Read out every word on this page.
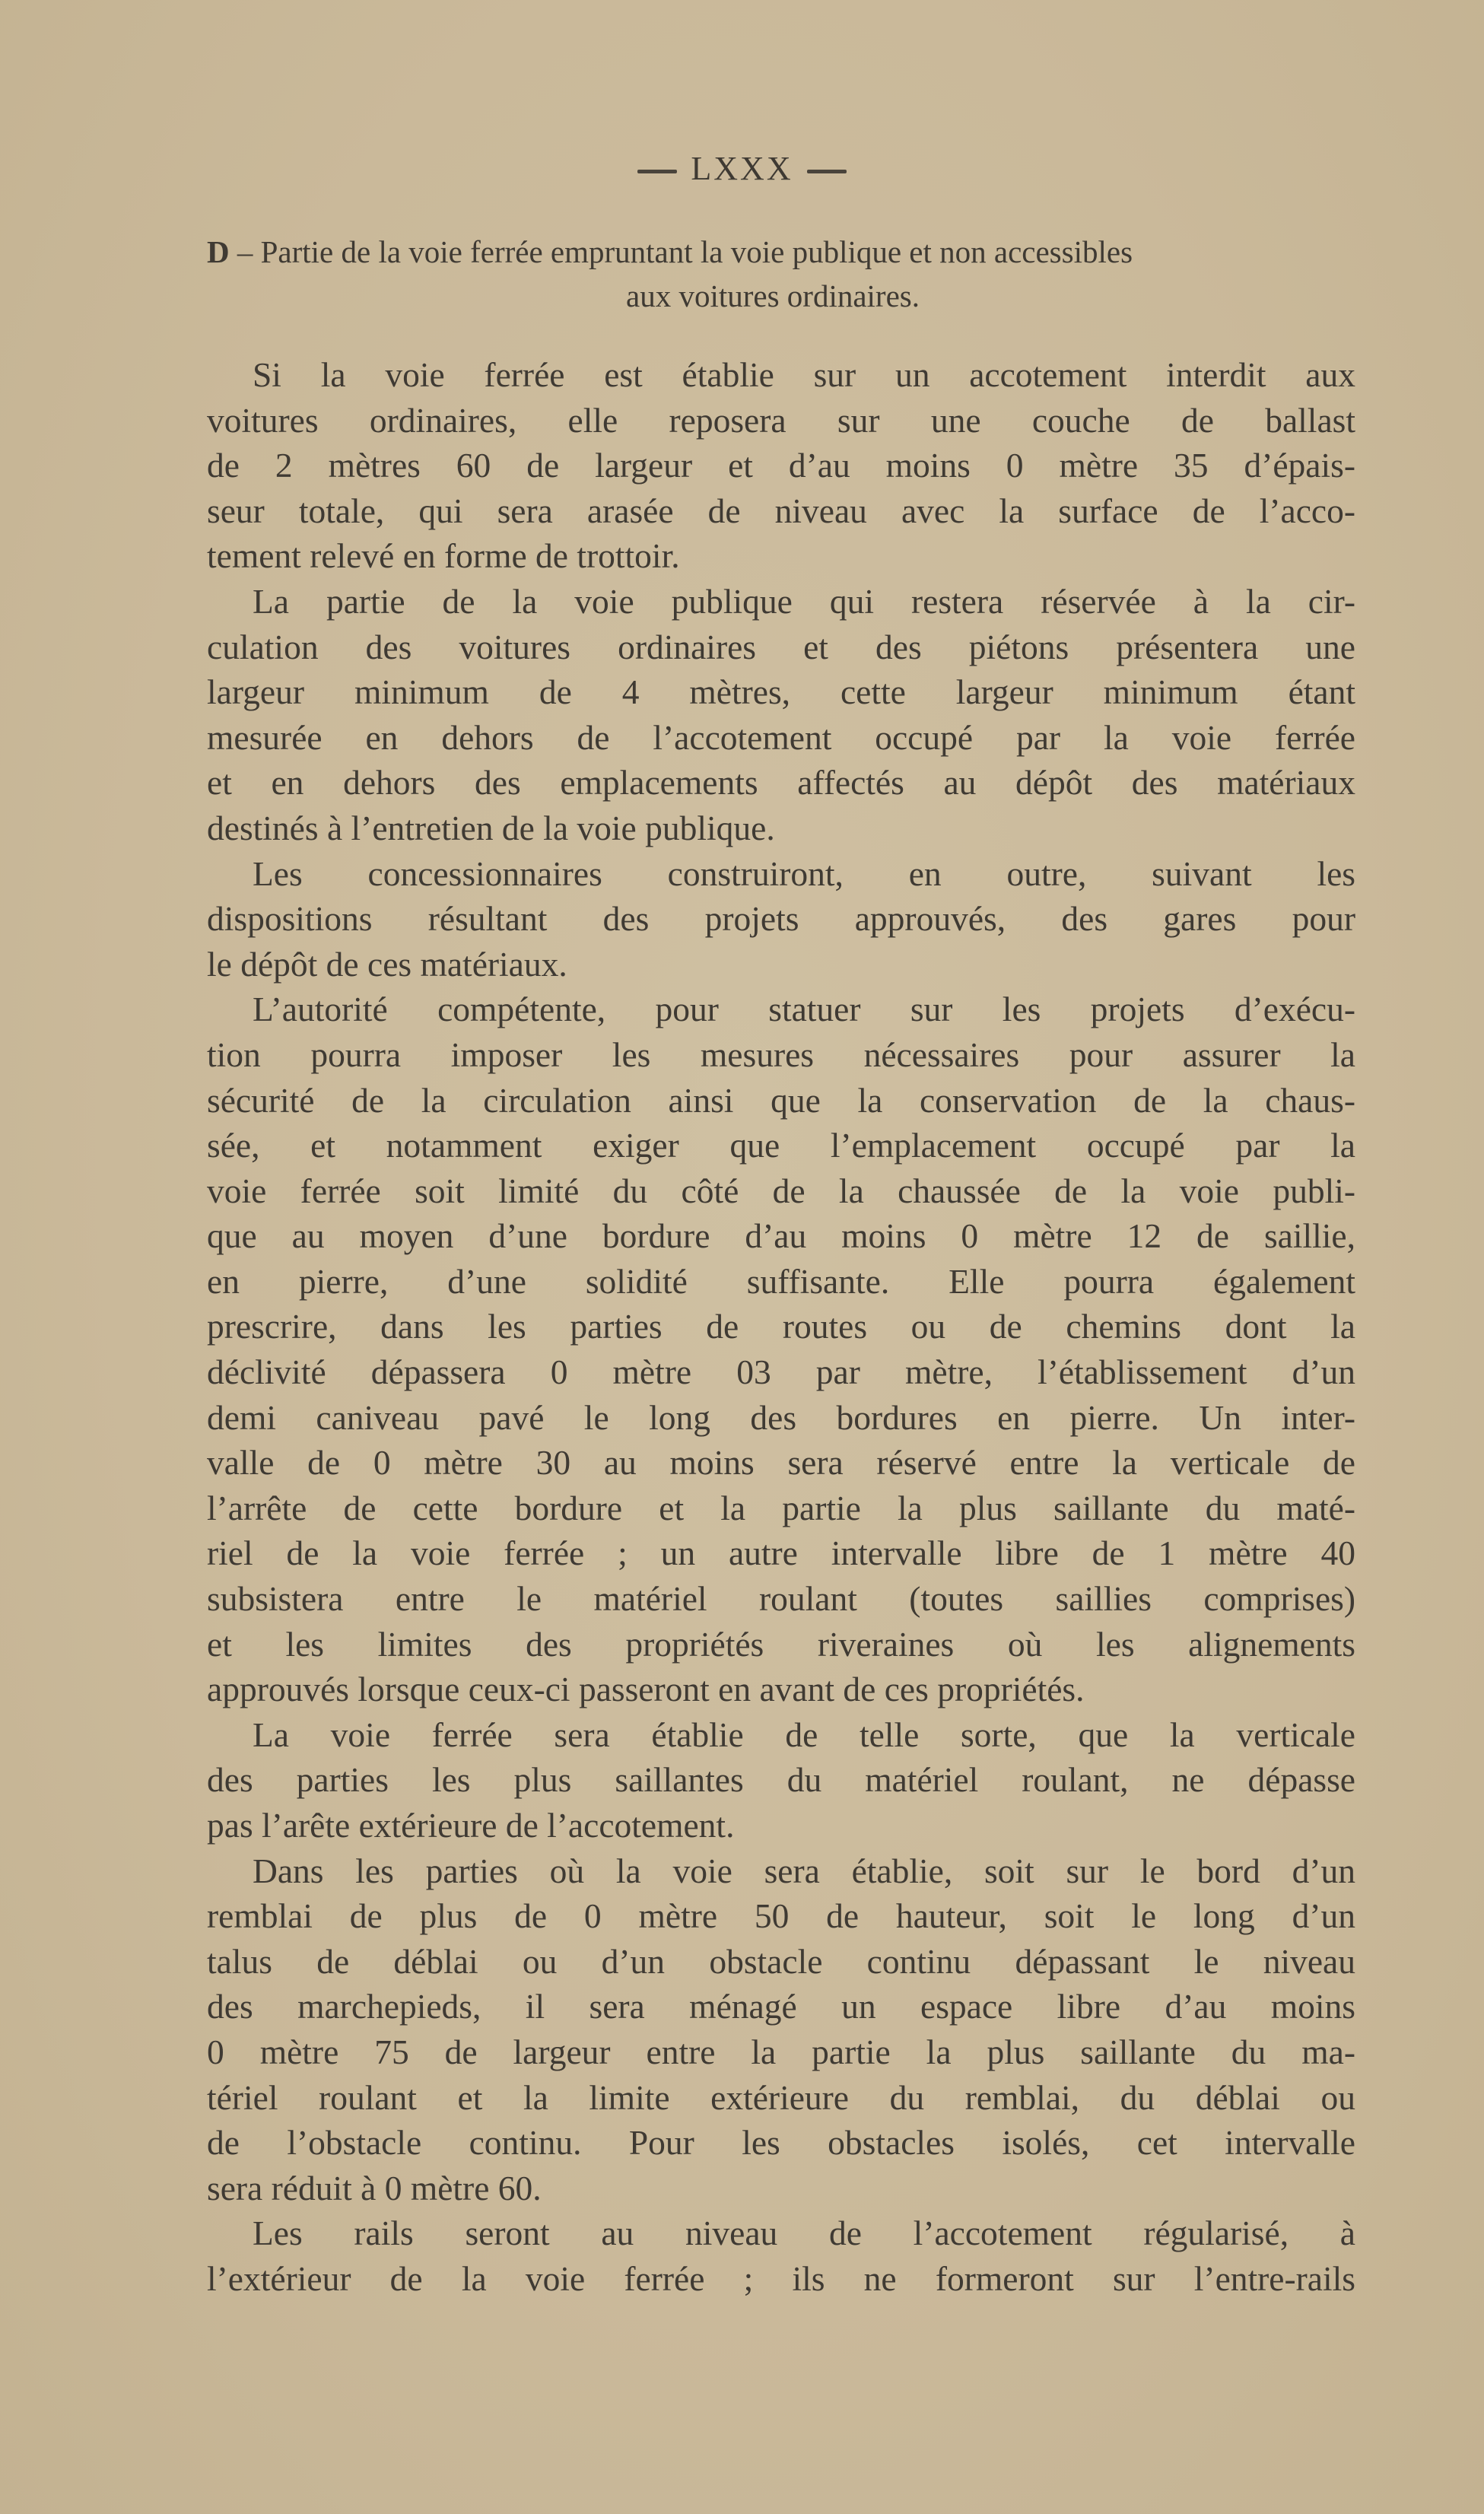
LXXX
D – Partie de la voie ferrée empruntant la voie publique et non accessibles
aux voitures ordinaires.
Si la voie ferrée est établie sur un accotement interdit aux
voitures ordinaires, elle reposera sur une couche de ballast
de 2 mètres 60 de largeur et d’au moins 0 mètre 35 d’épais-
seur totale, qui sera arasée de niveau avec la surface de l’acco-
tement relevé en forme de trottoir.
La partie de la voie publique qui restera réservée à la cir-
culation des voitures ordinaires et des piétons présentera une
largeur minimum de 4 mètres, cette largeur minimum étant
mesurée en dehors de l’accotement occupé par la voie ferrée
et en dehors des emplacements affectés au dépôt des matériaux
destinés à l’entretien de la voie publique.
Les concessionnaires construiront, en outre, suivant les
dispositions résultant des projets approuvés, des gares pour
le dépôt de ces matériaux.
L’autorité compétente, pour statuer sur les projets d’exécu-
tion pourra imposer les mesures nécessaires pour assurer la
sécurité de la circulation ainsi que la conservation de la chaus-
sée, et notamment exiger que l’emplacement occupé par la
voie ferrée soit limité du côté de la chaussée de la voie publi-
que au moyen d’une bordure d’au moins 0 mètre 12 de saillie,
en pierre, d’une solidité suffisante. Elle pourra également
prescrire, dans les parties de routes ou de chemins dont la
déclivité dépassera 0 mètre 03 par mètre, l’établissement d’un
demi caniveau pavé le long des bordures en pierre. Un inter-
valle de 0 mètre 30 au moins sera réservé entre la verticale de
l’arrête de cette bordure et la partie la plus saillante du maté-
riel de la voie ferrée ; un autre intervalle libre de 1 mètre 40
subsistera entre le matériel roulant (toutes saillies comprises)
et les limites des propriétés riveraines où les alignements
approuvés lorsque ceux-ci passeront en avant de ces propriétés.
La voie ferrée sera établie de telle sorte, que la verticale
des parties les plus saillantes du matériel roulant, ne dépasse
pas l’arête extérieure de l’accotement.
Dans les parties où la voie sera établie, soit sur le bord d’un
remblai de plus de 0 mètre 50 de hauteur, soit le long d’un
talus de déblai ou d’un obstacle continu dépassant le niveau
des marchepieds, il sera ménagé un espace libre d’au moins
0 mètre 75 de largeur entre la partie la plus saillante du ma-
tériel roulant et la limite extérieure du remblai, du déblai ou
de l’obstacle continu. Pour les obstacles isolés, cet intervalle
sera réduit à 0 mètre 60.
Les rails seront au niveau de l’accotement régularisé, à
l’extérieur de la voie ferrée ; ils ne formeront sur l’entre-rails
